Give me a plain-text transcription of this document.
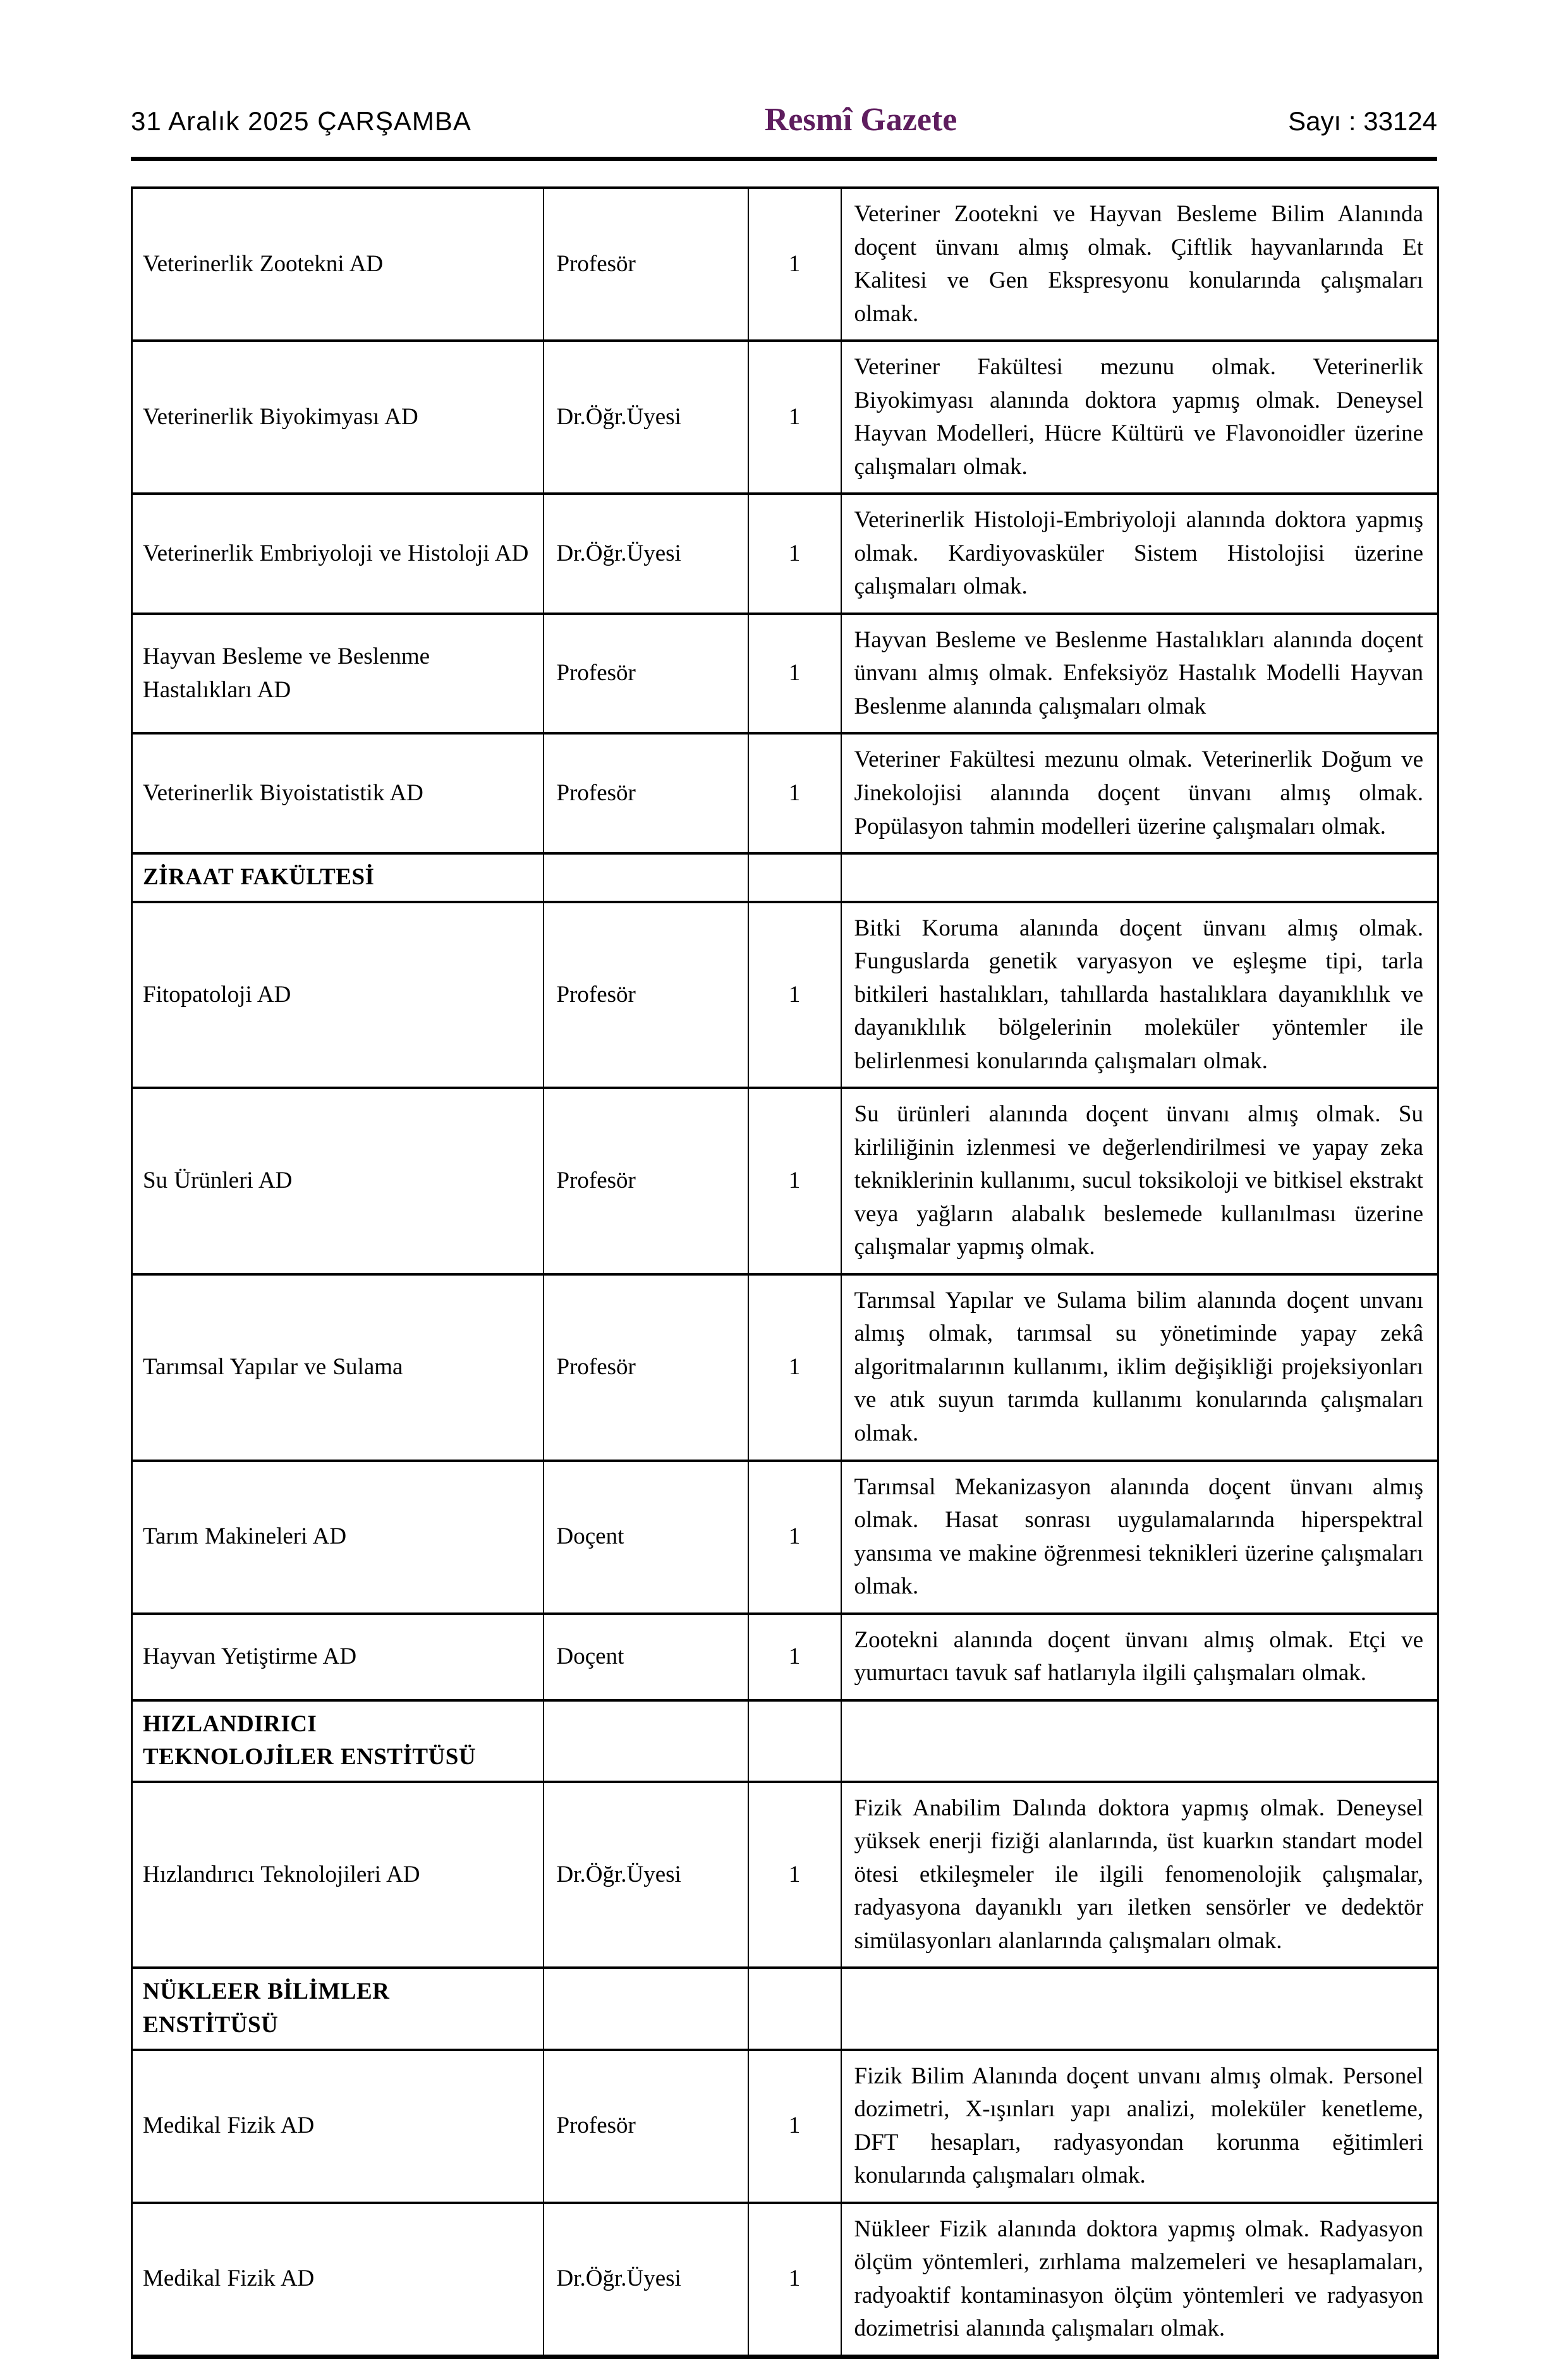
31 Aralık 2025 ÇARŞAMBA	Resmî Gazete	Sayı : 33124
Veterinerlik Zootekni AD	Profesör	1	Veteriner Zootekni ve Hayvan Besleme Bilim Alanında doçent ünvanı almış olmak. Çiftlik hayvanlarında Et Kalitesi ve Gen Ekspresyonu konularında çalışmaları olmak.
Veterinerlik Biyokimyası AD	Dr.Öğr.Üyesi	1	Veteriner Fakültesi mezunu olmak. Veterinerlik Biyokimyası alanında doktora yapmış olmak. Deneysel Hayvan Modelleri, Hücre Kültürü ve Flavonoidler üzerine çalışmaları olmak.
Veterinerlik Embriyoloji ve Histoloji AD	Dr.Öğr.Üyesi	1	Veterinerlik Histoloji-Embriyoloji alanında doktora yapmış olmak. Kardiyovasküler Sistem Histolojisi üzerine çalışmaları olmak.
Hayvan Besleme ve Beslenme Hastalıkları AD	Profesör	1	Hayvan Besleme ve Beslenme Hastalıkları alanında doçent ünvanı almış olmak. Enfeksiyöz Hastalık Modelli Hayvan Beslenme alanında çalışmaları olmak
Veterinerlik Biyoistatistik AD	Profesör	1	Veteriner Fakültesi mezunu olmak. Veterinerlik Doğum ve Jinekolojisi alanında doçent ünvanı almış olmak. Popülasyon tahmin modelleri üzerine çalışmaları olmak.

ZİRAAT FAKÜLTESİ			

Fitopatoloji AD	Profesör	1	Bitki Koruma alanında doçent ünvanı almış olmak. Funguslarda genetik varyasyon ve eşleşme tipi, tarla bitkileri hastalıkları, tahıllarda hastalıklara dayanıklılık ve dayanıklılık bölgelerinin moleküler yöntemler ile belirlenmesi konularında çalışmaları olmak.
Su Ürünleri AD	Profesör	1	Su ürünleri alanında doçent ünvanı almış olmak. Su kirliliğinin izlenmesi ve değerlendirilmesi ve yapay zeka tekniklerinin kullanımı, sucul toksikoloji ve bitkisel ekstrakt veya yağların alabalık beslemede kullanılması üzerine çalışmalar yapmış olmak.
Tarımsal Yapılar ve Sulama	Profesör	1	Tarımsal Yapılar ve Sulama bilim alanında doçent unvanı almış olmak, tarımsal su yönetiminde yapay zekâ algoritmalarının kullanımı, iklim değişikliği projeksiyonları ve atık suyun tarımda kullanımı konularında çalışmaları olmak.
Tarım Makineleri AD	Doçent	1	Tarımsal Mekanizasyon alanında doçent ünvanı almış olmak. Hasat sonrası uygulamalarında hiperspektral yansıma ve makine öğrenmesi teknikleri üzerine çalışmaları olmak.
Hayvan Yetiştirme AD	Doçent	1	Zootekni alanında doçent ünvanı almış olmak. Etçi ve yumurtacı tavuk saf hatlarıyla ilgili çalışmaları olmak.

HIZLANDIRICI
TEKNOLOJİLER ENSTİTÜSÜ			

Hızlandırıcı Teknolojileri AD	Dr.Öğr.Üyesi	1	Fizik Anabilim Dalında doktora yapmış olmak. Deneysel yüksek enerji fiziği alanlarında, üst kuarkın standart model ötesi etkileşmeler ile ilgili fenomenolojik çalışmalar, radyasyona dayanıklı yarı iletken sensörler ve dedektör simülasyonları alanlarında çalışmaları olmak.

NÜKLEER BİLİMLER
ENSTİTÜSÜ			

Medikal Fizik AD	Profesör	1	Fizik Bilim Alanında doçent unvanı almış olmak. Personel dozimetri, X-ışınları yapı analizi, moleküler kenetleme, DFT hesapları, radyasyondan korunma eğitimleri konularında çalışmaları olmak.
Medikal Fizik AD	Dr.Öğr.Üyesi	1	Nükleer Fizik alanında doktora yapmış olmak. Radyasyon ölçüm yöntemleri, zırhlama malzemeleri ve hesaplamaları, radyoaktif kontaminasyon ölçüm yöntemleri ve radyasyon dozimetrisi alanında çalışmaları olmak.
